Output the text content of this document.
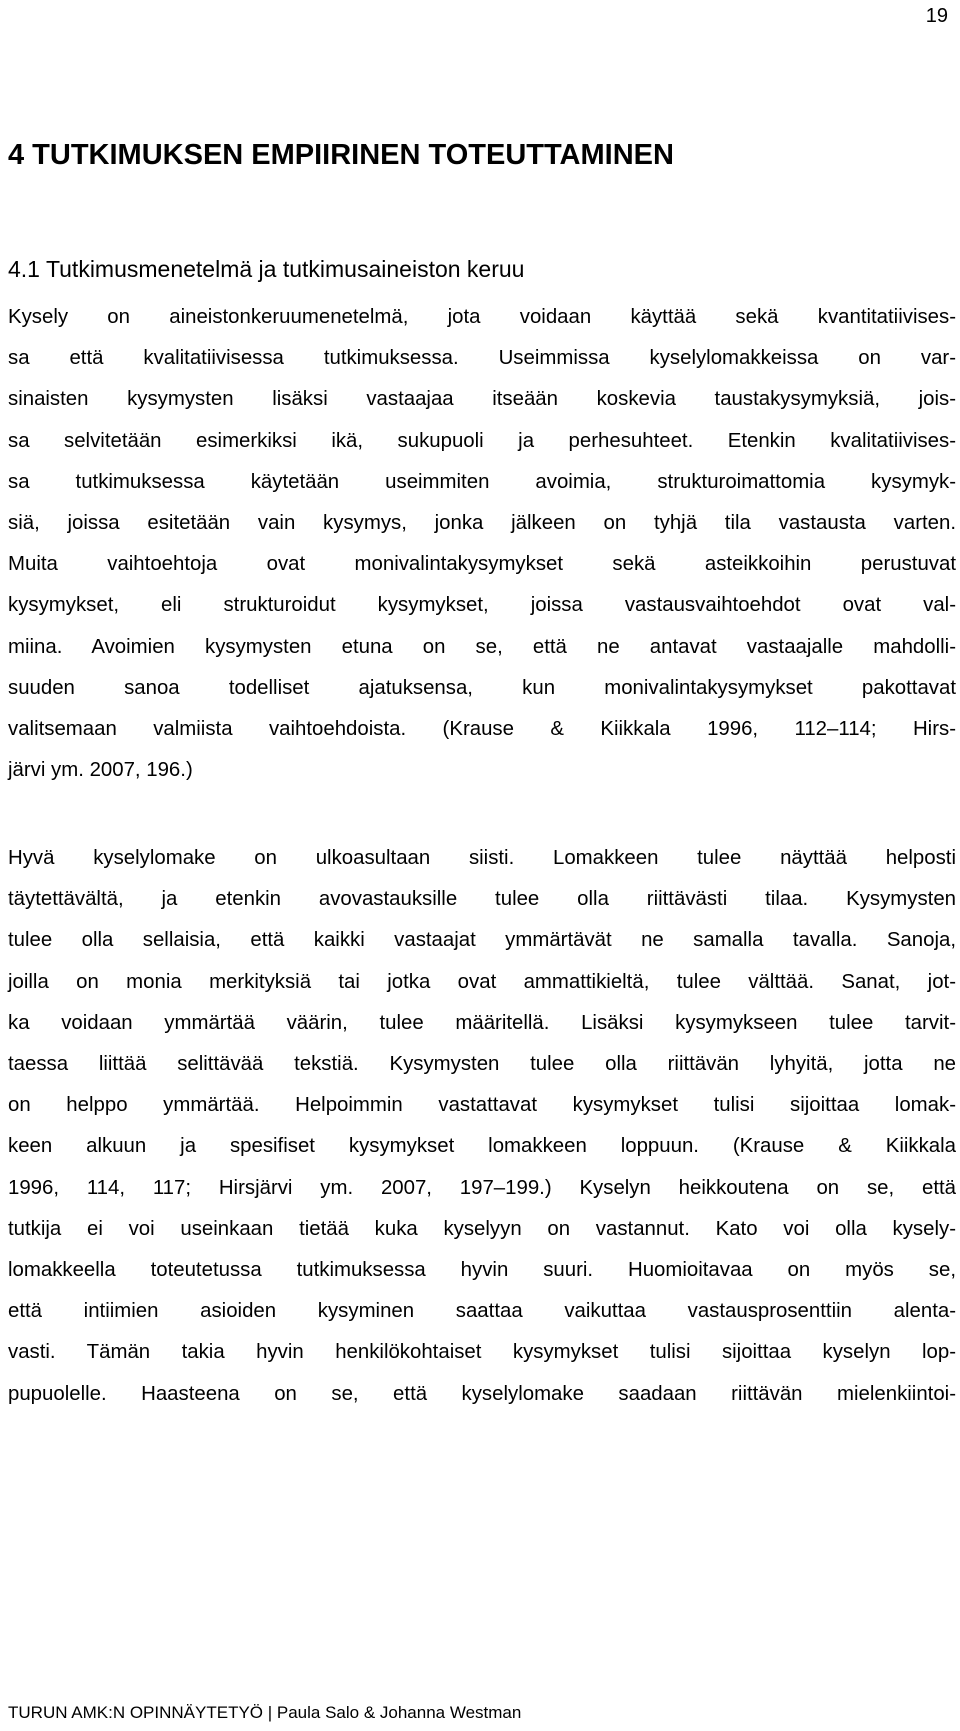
19
4 TUTKIMUKSEN EMPIIRINEN TOTEUTTAMINEN
4.1 Tutkimusmenetelmä ja tutkimusaineiston keruu
Kysely on aineistonkeruumenetelmä, jota voidaan käyttää sekä kvantitatiivises-
sa että kvalitatiivisessa tutkimuksessa. Useimmissa kyselylomakkeissa on var-
sinaisten kysymysten lisäksi vastaajaa itseään koskevia taustakysymyksiä, jois-
sa selvitetään esimerkiksi ikä, sukupuoli ja perhesuhteet. Etenkin kvalitatiivises-
sa tutkimuksessa käytetään useimmiten avoimia, strukturoimattomia kysymyk-
siä, joissa esitetään vain kysymys, jonka jälkeen on tyhjä tila vastausta varten.
Muita vaihtoehtoja ovat monivalintakysymykset sekä asteikkoihin perustuvat
kysymykset, eli strukturoidut kysymykset, joissa vastausvaihtoehdot ovat val-
miina. Avoimien kysymysten etuna on se, että ne antavat vastaajalle mahdolli-
suuden sanoa todelliset ajatuksensa, kun monivalintakysymykset pakottavat
valitsemaan valmiista vaihtoehdoista. (Krause & Kiikkala 1996, 112–114; Hirs-
järvi ym. 2007, 196.)
Hyvä kyselylomake on ulkoasultaan siisti. Lomakkeen tulee näyttää helposti
täytettävältä, ja etenkin avovastauksille tulee olla riittävästi tilaa. Kysymysten
tulee olla sellaisia, että kaikki vastaajat ymmärtävät ne samalla tavalla. Sanoja,
joilla on monia merkityksiä tai jotka ovat ammattikieltä, tulee välttää. Sanat, jot-
ka voidaan ymmärtää väärin, tulee määritellä. Lisäksi kysymykseen tulee tarvit-
taessa liittää selittävää tekstiä. Kysymysten tulee olla riittävän lyhyitä, jotta ne
on helppo ymmärtää. Helpoimmin vastattavat kysymykset tulisi sijoittaa lomak-
keen alkuun ja spesifiset kysymykset lomakkeen loppuun. (Krause & Kiikkala
1996, 114, 117; Hirsjärvi ym. 2007, 197–199.) Kyselyn heikkoutena on se, että
tutkija ei voi useinkaan tietää kuka kyselyyn on vastannut. Kato voi olla kysely-
lomakkeella toteutetussa tutkimuksessa hyvin suuri. Huomioitavaa on myös se,
että intiimien asioiden kysyminen saattaa vaikuttaa vastausprosenttiin alenta-
vasti. Tämän takia hyvin henkilökohtaiset kysymykset tulisi sijoittaa kyselyn lop-
pupuolelle. Haasteena on se, että kyselylomake saadaan riittävän mielenkiintoi-
TURUN AMK:N OPINNÄYTETYÖ | Paula Salo & Johanna Westman
